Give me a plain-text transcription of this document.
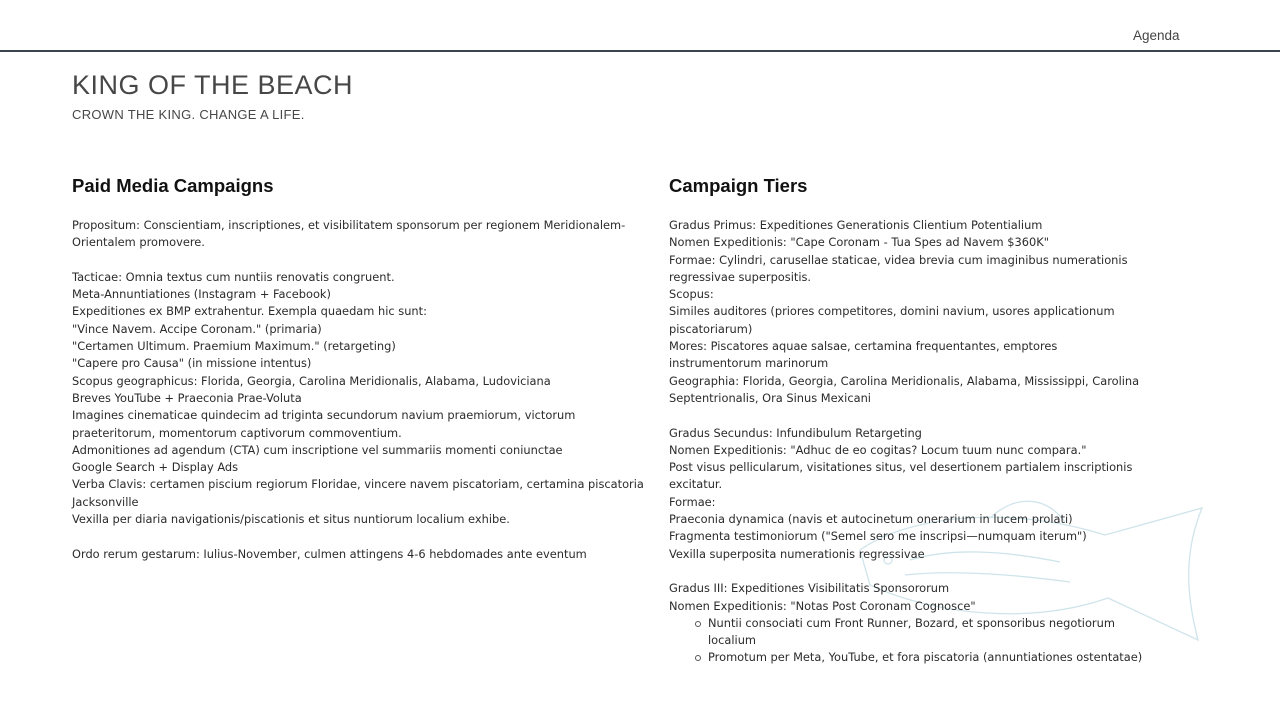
Agenda
KING OF THE BEACH
CROWN THE KING. CHANGE A LIFE.
Paid Media Campaigns
Propositum: Conscientiam, inscriptiones, et visibilitatem sponsorum per regionem Meridionalem-Orientalem promovere.
Tacticae: Omnia textus cum nuntiis renovatis congruent.
Meta-Annuntiationes (Instagram + Facebook)
Expeditiones ex BMP extrahentur. Exempla quaedam hic sunt:
"Vince Navem. Accipe Coronam." (primaria)
"Certamen Ultimum. Praemium Maximum." (retargeting)
"Capere pro Causa" (in missione intentus)
Scopus geographicus: Florida, Georgia, Carolina Meridionalis, Alabama, Ludoviciana
Breves YouTube + Praeconia Prae-Voluta
Imagines cinematicae quindecim ad triginta secundorum navium praemiorum, victorum praeteritorum, momentorum captivorum commoventium.
Admonitiones ad agendum (CTA) cum inscriptione vel summariis momenti coniunctae
Google Search + Display Ads
Verba Clavis: certamen piscium regiorum Floridae, vincere navem piscatoriam, certamina piscatoria Jacksonville
Vexilla per diaria navigationis/piscationis et situs nuntiorum localium exhibe.
Ordo rerum gestarum: Iulius-November, culmen attingens 4-6 hebdomades ante eventum
Campaign Tiers
Gradus Primus: Expeditiones Generationis Clientium Potentialium
Nomen Expeditionis: "Cape Coronam - Tua Spes ad Navem $360K"
Formae: Cylindri, carusellae staticae, videa brevia cum imaginibus numerationis regressivae superpositis.
Scopus:
Similes auditores (priores competitores, domini navium, usores applicationum piscatoriarum)
Mores: Piscatores aquae salsae, certamina frequentantes, emptores instrumentorum marinorum
Geographia: Florida, Georgia, Carolina Meridionalis, Alabama, Mississippi, Carolina Septentrionalis, Ora Sinus Mexicani
Gradus Secundus: Infundibulum Retargeting
Nomen Expeditionis: "Adhuc de eo cogitas? Locum tuum nunc compara."
Post visus pellicularum, visitationes situs, vel desertionem partialem inscriptionis excitatur.
Formae:
Praeconia dynamica (navis et autocinetum onerarium in lucem prolati)
Fragmenta testimoniorum ("Semel sero me inscripsi—numquam iterum")
Vexilla superposita numerationis regressivae
Gradus III: Expeditiones Visibilitatis Sponsororum
Nomen Expeditionis: "Notas Post Coronam Cognosce"
Nuntii consociati cum Front Runner, Bozard, et sponsoribus negotiorum localium
Promotum per Meta, YouTube, et fora piscatoria (annuntiationes ostentatae)
